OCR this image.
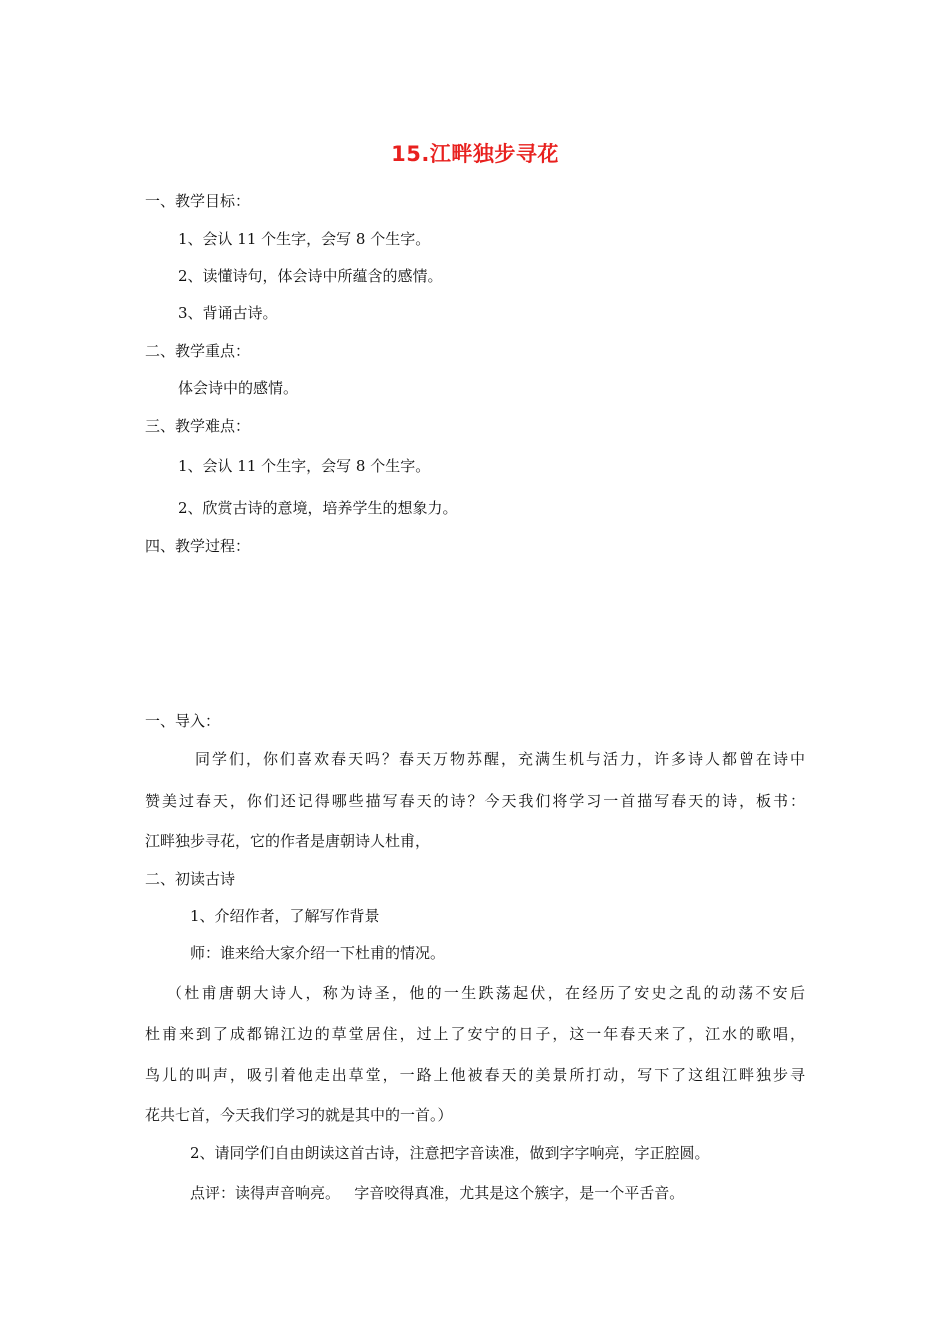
15.江畔独步寻花
一、教学目标：
1、会认 11 个生字，会写 8 个生字。
2、读懂诗句，体会诗中所蕴含的感情。
3、背诵古诗。
二、教学重点：
体会诗中的感情。
三、教学难点：
1、会认 11 个生字，会写 8 个生字。
2、欣赏古诗的意境，培养学生的想象力。
四、教学过程：
一、导入：
同学们，你们喜欢春天吗？春天万物苏醒，充满生机与活力，许多诗人都曾在诗中
赞美过春天，你们还记得哪些描写春天的诗？今天我们将学习一首描写春天的诗，板书：
江畔独步寻花，它的作者是唐朝诗人杜甫，
二、初读古诗
1、介绍作者，了解写作背景
师：谁来给大家介绍一下杜甫的情况。
（杜甫唐朝大诗人，称为诗圣，他的一生跌荡起伏，在经历了安史之乱的动荡不安后
杜甫来到了成都锦江边的草堂居住，过上了安宁的日子，这一年春天来了，江水的歌唱，
鸟儿的叫声，吸引着他走出草堂，一路上他被春天的美景所打动，写下了这组江畔独步寻
花共七首，今天我们学习的就是其中的一首。）
2、请同学们自由朗读这首古诗，注意把字音读准，做到字字响亮，字正腔圆。
点评：读得声音响亮。   字音咬得真准，尤其是这个簇字，是一个平舌音。
